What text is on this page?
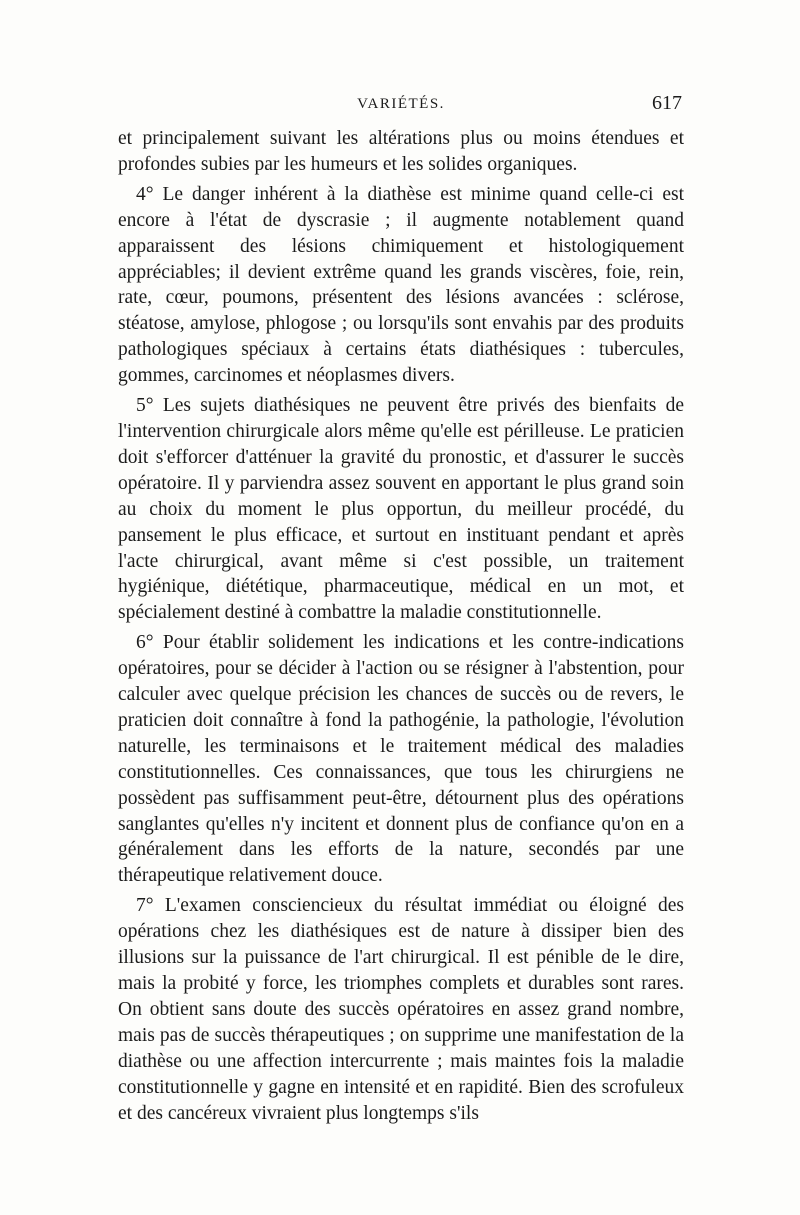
VARIÉTÉS.	617

et principalement suivant les altérations plus ou moins étendues et profondes subies par les humeurs et les solides organiques.

4° Le danger inhérent à la diathèse est minime quand celle-ci est encore à l'état de dyscrasie ; il augmente notablement quand apparaissent des lésions chimiquement et histologiquement appréciables; il devient extrême quand les grands viscères, foie, rein, rate, cœur, poumons, présentent des lésions avancées : sclérose, stéatose, amylose, phlogose ; ou lorsqu'ils sont envahis par des produits pathologiques spéciaux à certains états diathésiques : tubercules, gommes, carcinomes et néoplasmes divers.

5° Les sujets diathésiques ne peuvent être privés des bienfaits de l'intervention chirurgicale alors même qu'elle est périlleuse. Le praticien doit s'efforcer d'atténuer la gravité du pronostic, et d'assurer le succès opératoire. Il y parviendra assez souvent en apportant le plus grand soin au choix du moment le plus opportun, du meilleur procédé, du pansement le plus efficace, et surtout en instituant pendant et après l'acte chirurgical, avant même si c'est possible, un traitement hygiénique, diététique, pharmaceutique, médical en un mot, et spécialement destiné à combattre la maladie constitutionnelle.

6° Pour établir solidement les indications et les contre-indications opératoires, pour se décider à l'action ou se résigner à l'abstention, pour calculer avec quelque précision les chances de succès ou de revers, le praticien doit connaître à fond la pathogénie, la pathologie, l'évolution naturelle, les terminaisons et le traitement médical des maladies constitutionnelles. Ces connaissances, que tous les chirurgiens ne possèdent pas suffisamment peut-être, détournent plus des opérations sanglantes qu'elles n'y incitent et donnent plus de confiance qu'on en a généralement dans les efforts de la nature, secondés par une thérapeutique relativement douce.

7° L'examen consciencieux du résultat immédiat ou éloigné des opérations chez les diathésiques est de nature à dissiper bien des illusions sur la puissance de l'art chirurgical. Il est pénible de le dire, mais la probité y force, les triomphes complets et durables sont rares. On obtient sans doute des succès opératoires en assez grand nombre, mais pas de succès thérapeutiques ; on supprime une manifestation de la diathèse ou une affection intercurrente ; mais maintes fois la maladie constitutionnelle y gagne en intensité et en rapidité. Bien des scrofuleux et des cancéreux vivraient plus longtemps s'ils
